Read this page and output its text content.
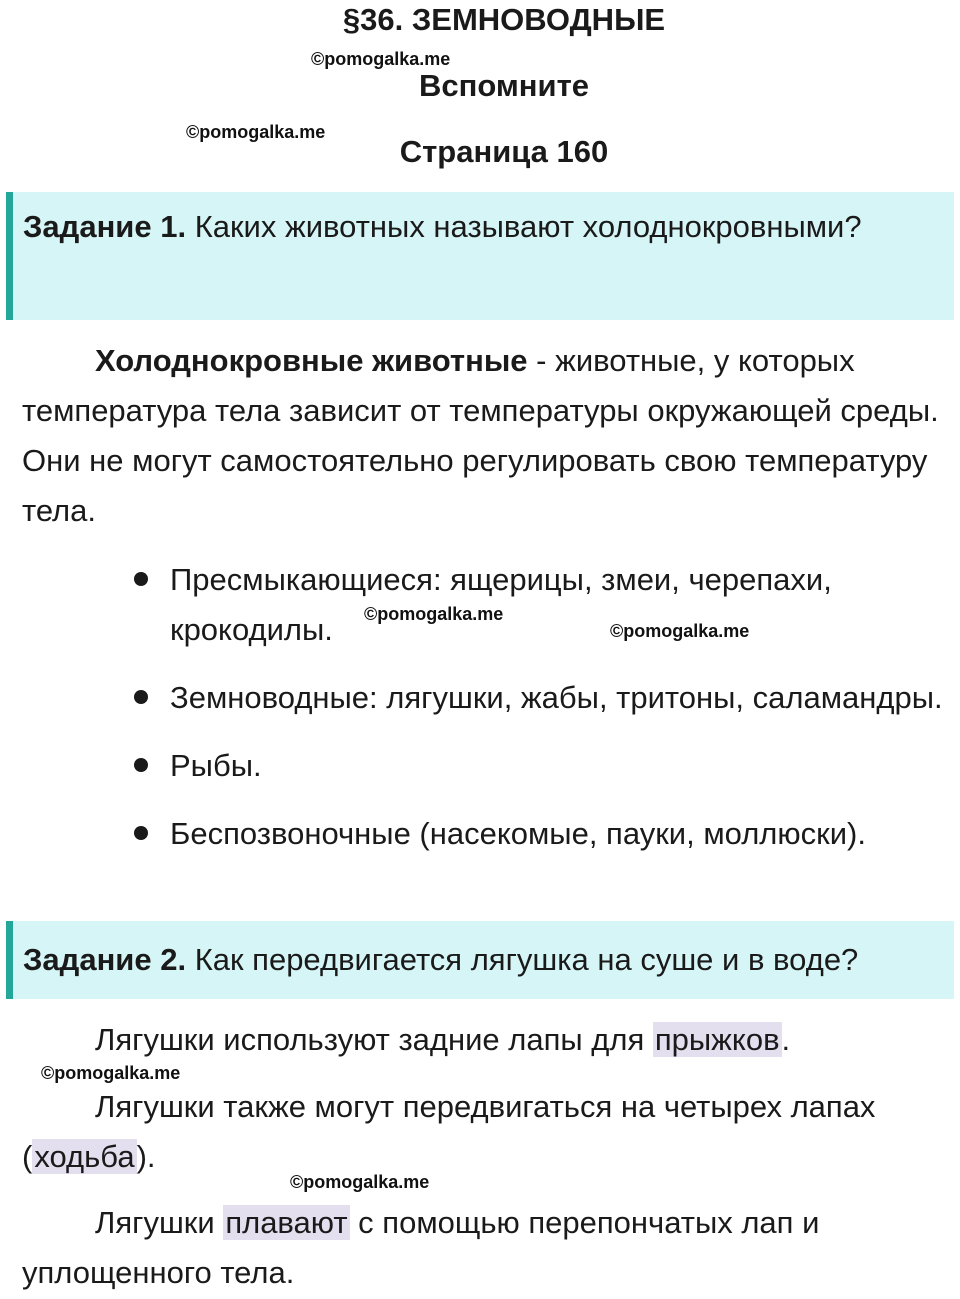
§36. ЗЕМНОВОДНЫЕ
©pomogalka.me
Вспомните
©pomogalka.me
Страница 160
Задание 1. Каких животных называют холоднокровными?
Холоднокровные животные - животные, у которых температура тела зависит от температуры окружающей среды. Они не могут самостоятельно регулировать свою температуру тела.
Пресмыкающиеся: ящерицы, змеи, черепахи, крокодилы.
Земноводные: лягушки, жабы, тритоны, саламандры.
Рыбы.
Беспозвоночные (насекомые, пауки, моллюски).
©pomogalka.me
©pomogalka.me
Задание 2. Как передвигается лягушка на суше и в воде?
Лягушки используют задние лапы для прыжков.
©pomogalka.me
Лягушки также могут передвигаться на четырех лапах (ходьба).
©pomogalka.me
Лягушки плавают с помощью перепончатых лап и уплощенного тела.
